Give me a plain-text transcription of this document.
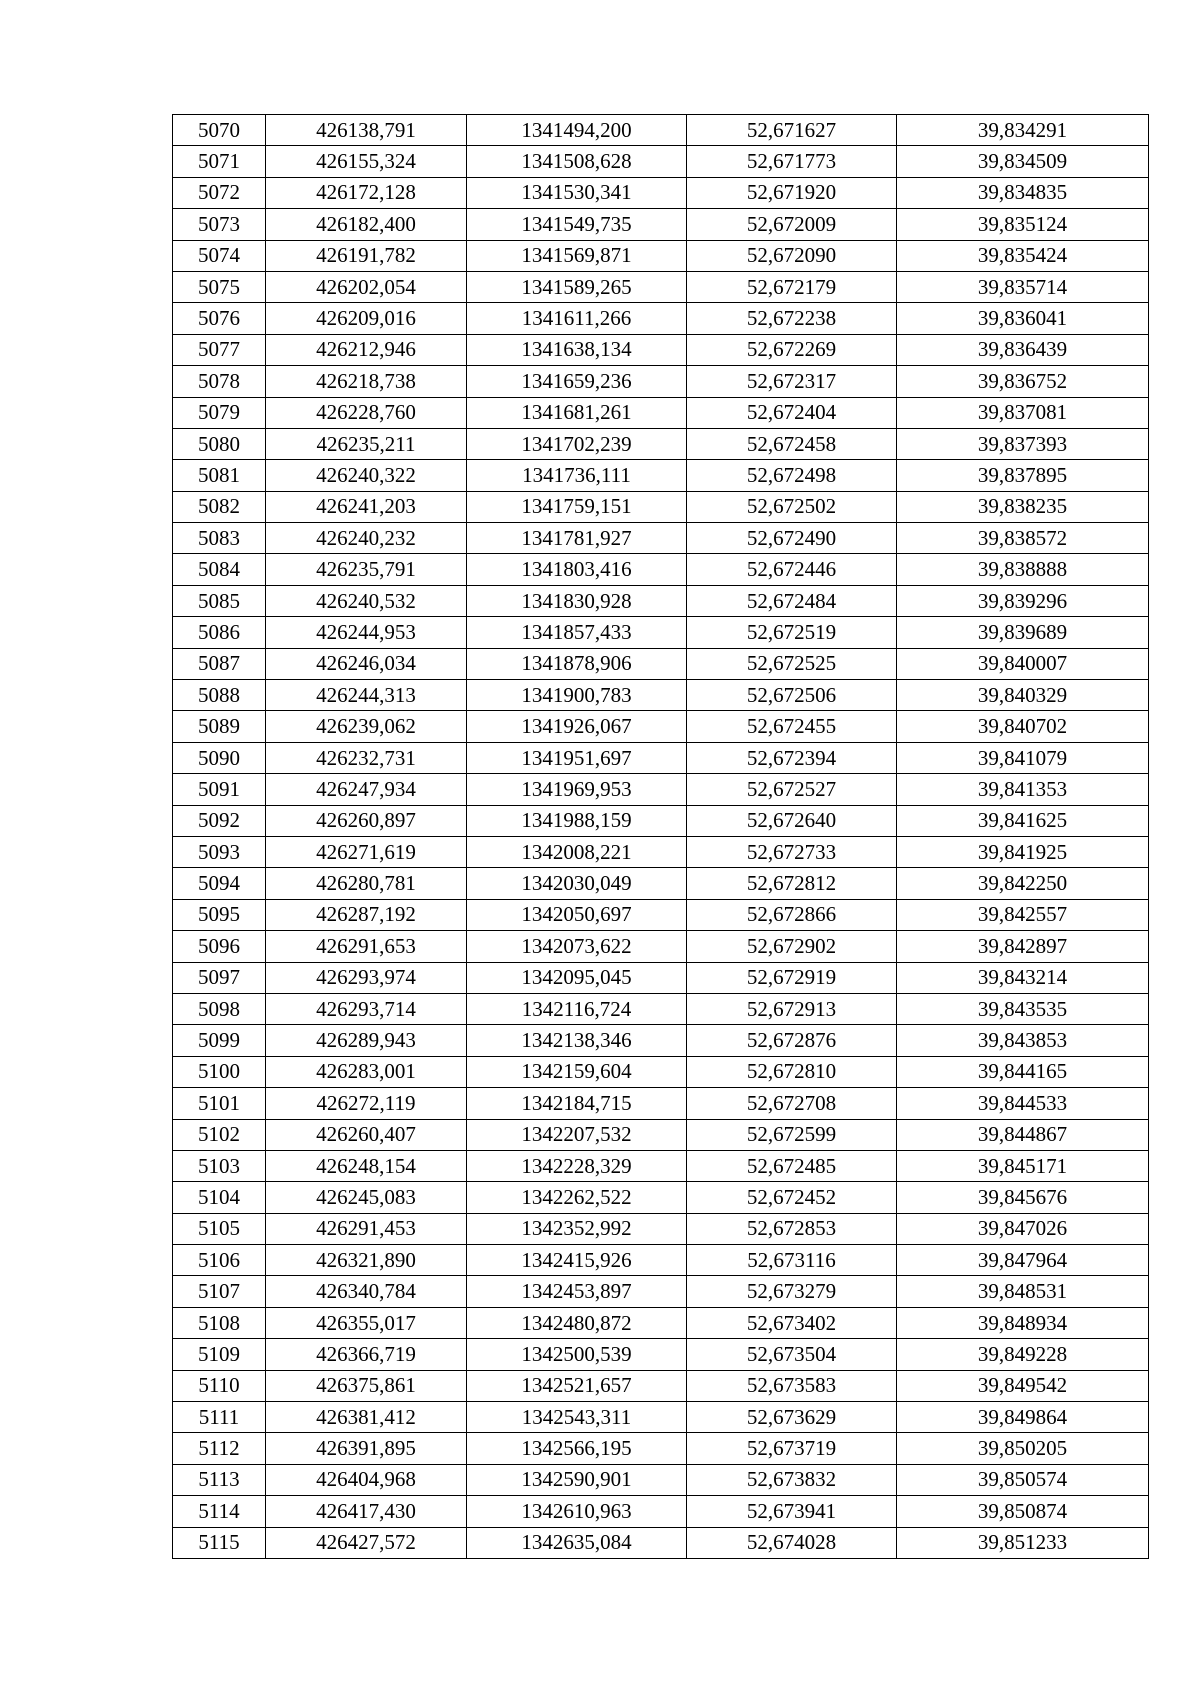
5070	426138,791	1341494,200	52,671627	39,834291
5071	426155,324	1341508,628	52,671773	39,834509
5072	426172,128	1341530,341	52,671920	39,834835
5073	426182,400	1341549,735	52,672009	39,835124
5074	426191,782	1341569,871	52,672090	39,835424
5075	426202,054	1341589,265	52,672179	39,835714
5076	426209,016	1341611,266	52,672238	39,836041
5077	426212,946	1341638,134	52,672269	39,836439
5078	426218,738	1341659,236	52,672317	39,836752
5079	426228,760	1341681,261	52,672404	39,837081
5080	426235,211	1341702,239	52,672458	39,837393
5081	426240,322	1341736,111	52,672498	39,837895
5082	426241,203	1341759,151	52,672502	39,838235
5083	426240,232	1341781,927	52,672490	39,838572
5084	426235,791	1341803,416	52,672446	39,838888
5085	426240,532	1341830,928	52,672484	39,839296
5086	426244,953	1341857,433	52,672519	39,839689
5087	426246,034	1341878,906	52,672525	39,840007
5088	426244,313	1341900,783	52,672506	39,840329
5089	426239,062	1341926,067	52,672455	39,840702
5090	426232,731	1341951,697	52,672394	39,841079
5091	426247,934	1341969,953	52,672527	39,841353
5092	426260,897	1341988,159	52,672640	39,841625
5093	426271,619	1342008,221	52,672733	39,841925
5094	426280,781	1342030,049	52,672812	39,842250
5095	426287,192	1342050,697	52,672866	39,842557
5096	426291,653	1342073,622	52,672902	39,842897
5097	426293,974	1342095,045	52,672919	39,843214
5098	426293,714	1342116,724	52,672913	39,843535
5099	426289,943	1342138,346	52,672876	39,843853
5100	426283,001	1342159,604	52,672810	39,844165
5101	426272,119	1342184,715	52,672708	39,844533
5102	426260,407	1342207,532	52,672599	39,844867
5103	426248,154	1342228,329	52,672485	39,845171
5104	426245,083	1342262,522	52,672452	39,845676
5105	426291,453	1342352,992	52,672853	39,847026
5106	426321,890	1342415,926	52,673116	39,847964
5107	426340,784	1342453,897	52,673279	39,848531
5108	426355,017	1342480,872	52,673402	39,848934
5109	426366,719	1342500,539	52,673504	39,849228
5110	426375,861	1342521,657	52,673583	39,849542
5111	426381,412	1342543,311	52,673629	39,849864
5112	426391,895	1342566,195	52,673719	39,850205
5113	426404,968	1342590,901	52,673832	39,850574
5114	426417,430	1342610,963	52,673941	39,850874
5115	426427,572	1342635,084	52,674028	39,851233
